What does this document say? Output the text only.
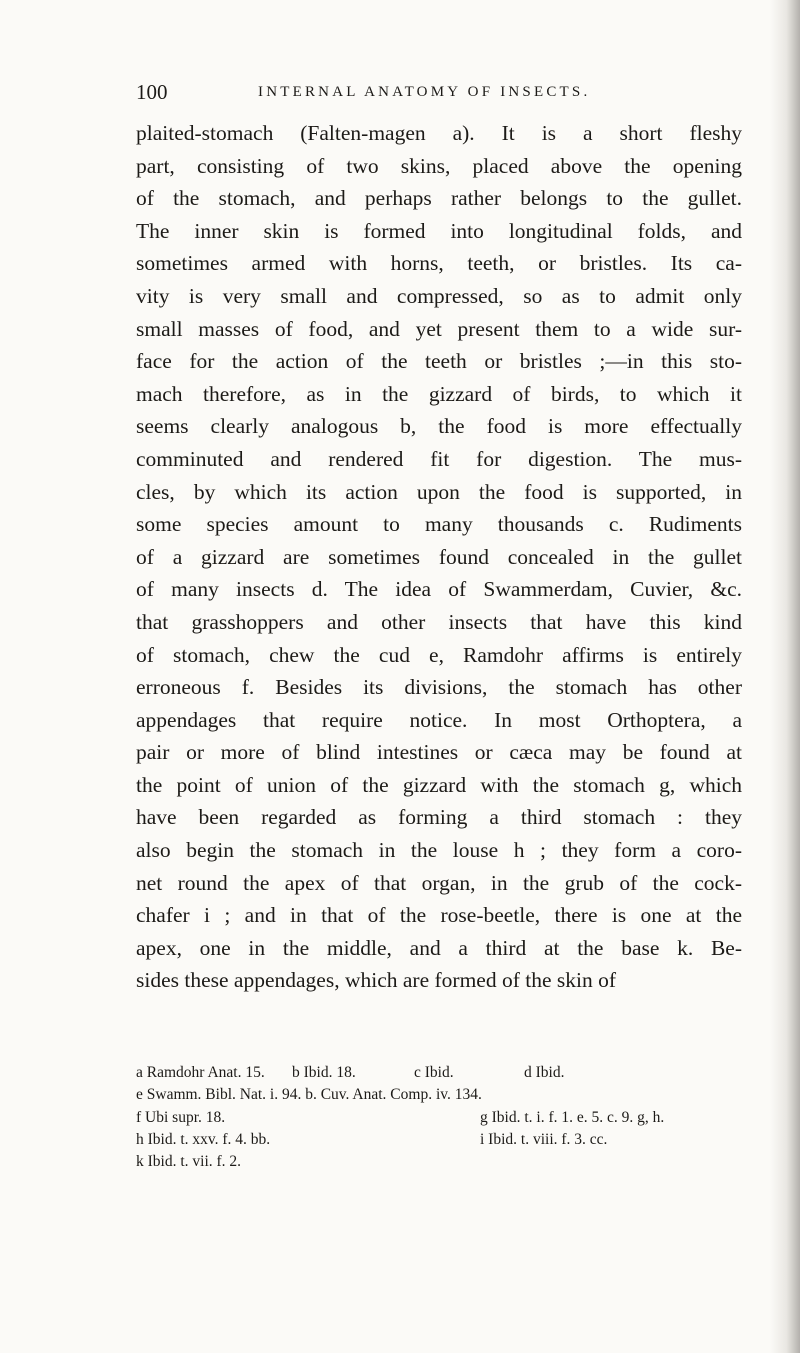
100	INTERNAL ANATOMY OF INSECTS.
plaited-stomach (Falten-magen a). It is a short fleshy
part, consisting of two skins, placed above the opening
of the stomach, and perhaps rather belongs to the gullet.
The inner skin is formed into longitudinal folds, and
sometimes armed with horns, teeth, or bristles. Its ca-
vity is very small and compressed, so as to admit only
small masses of food, and yet present them to a wide sur-
face for the action of the teeth or bristles ;—in this sto-
mach therefore, as in the gizzard of birds, to which it
seems clearly analogous b, the food is more effectually
comminuted and rendered fit for digestion. The mus-
cles, by which its action upon the food is supported, in
some species amount to many thousands c. Rudiments
of a gizzard are sometimes found concealed in the gullet
of many insects d. The idea of Swammerdam, Cuvier, &c.
that grasshoppers and other insects that have this kind
of stomach, chew the cud e, Ramdohr affirms is entirely
erroneous f. Besides its divisions, the stomach has other
appendages that require notice. In most Orthoptera, a
pair or more of blind intestines or cæca may be found at
the point of union of the gizzard with the stomach g, which
have been regarded as forming a third stomach : they
also begin the stomach in the louse h ; they form a coro-
net round the apex of that organ, in the grub of the cock-
chafer i ; and in that of the rose-beetle, there is one at the
apex, one in the middle, and a third at the base k. Be-
sides these appendages, which are formed of the skin of
a Ramdohr Anat. 15. b Ibid. 18.	c Ibid.	d Ibid.
e Swamm. Bibl. Nat. i. 94. b. Cuv. Anat. Comp. iv. 134.
f Ubi supr. 18.	g Ibid. t. i. f. 1. e. 5. c. 9. g, h.
h Ibid. t. xxv. f. 4. bb.	i Ibid. t. viii. f. 3. cc.
k Ibid. t. vii. f. 2.
